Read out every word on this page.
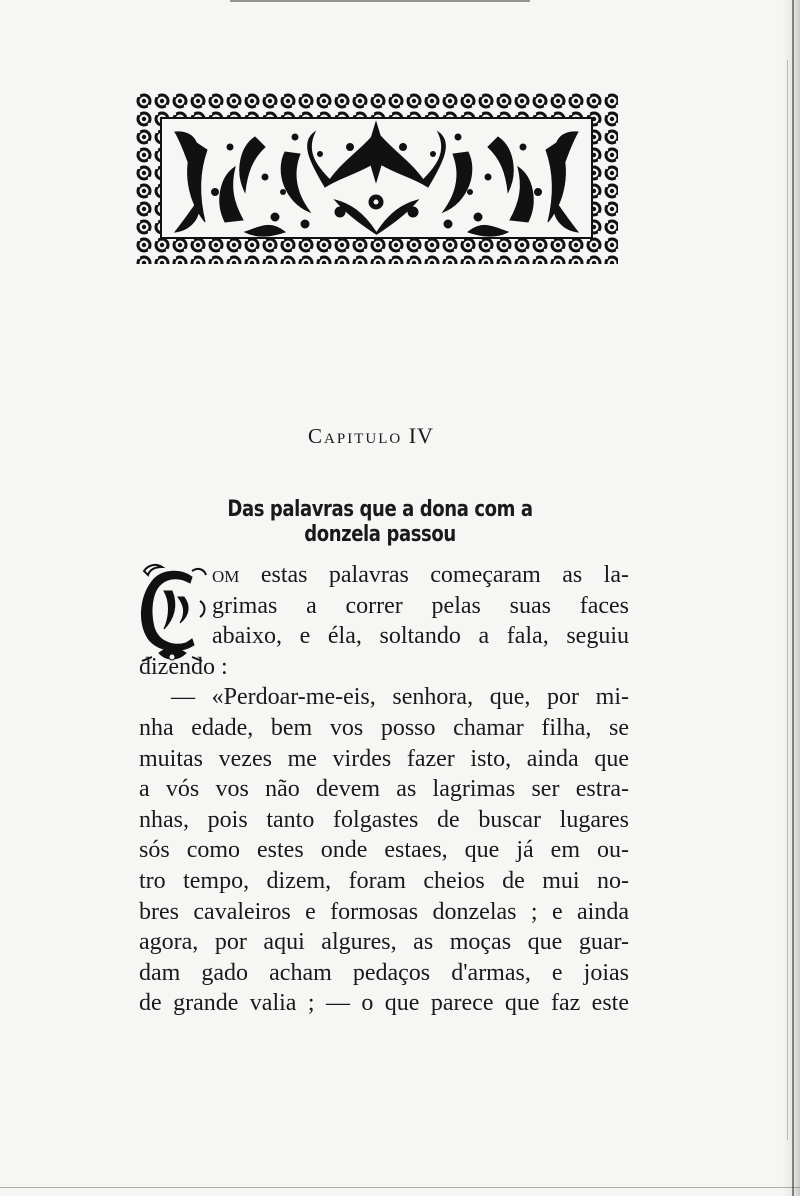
Capitulo IV
Das palavras que a dona com a donzela passou
C
om estas palavras começaram as la-
grimas a correr pelas suas faces
abaixo, e éla, soltando a fala, seguiu
dizendo :
— «Perdoar-me-eis, senhora, que, por mi-
nha edade, bem vos posso chamar filha, se
muitas vezes me virdes fazer isto, ainda que
a vós vos não devem as lagrimas ser estra-
nhas, pois tanto folgastes de buscar lugares
sós como estes onde estaes, que já em ou-
tro tempo, dizem, foram cheios de mui no-
bres cavaleiros e formosas donzelas ; e ainda
agora, por aqui algures, as moças que guar-
dam gado acham pedaços d'armas, e joias
de grande valia ; — o que parece que faz este
